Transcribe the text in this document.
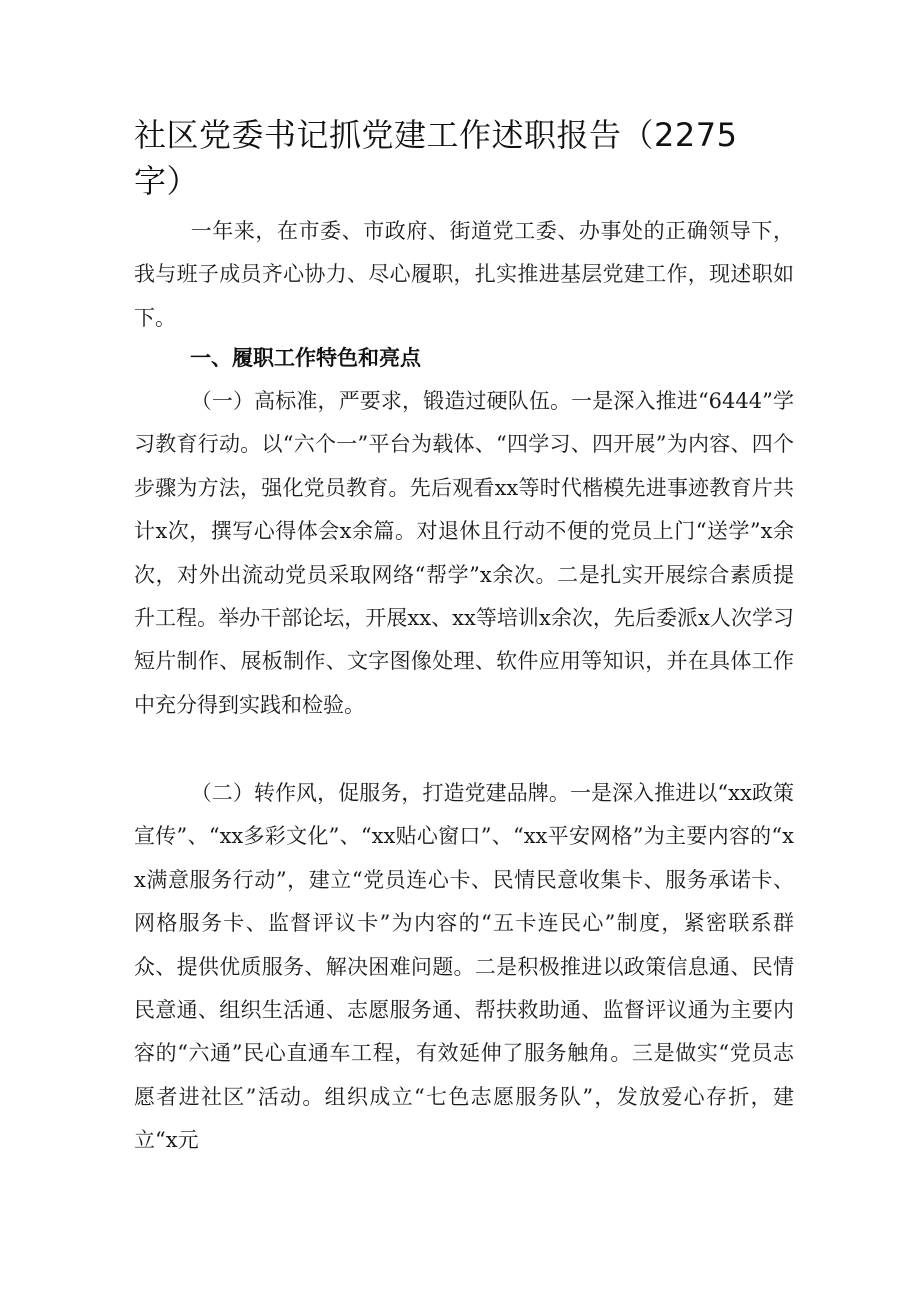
社区党委书记抓党建工作述职报告（2275字）

一年来，在市委、市政府、街道党工委、办事处的正确领导下，我与班子成员齐心协力、尽心履职，扎实推进基层党建工作，现述职如下。

一、履职工作特色和亮点

（一）高标准，严要求，锻造过硬队伍。一是深入推进“6444”学习教育行动。以“六个一”平台为载体、“四学习、四开展”为内容、四个步骤为方法，强化党员教育。先后观看xx等时代楷模先进事迹教育片共计x次，撰写心得体会x余篇。对退休且行动不便的党员上门“送学”x余次，对外出流动党员采取网络“帮学”x余次。二是扎实开展综合素质提升工程。举办干部论坛，开展xx、xx等培训x余次，先后委派x人次学习短片制作、展板制作、文字图像处理、软件应用等知识，并在具体工作中充分得到实践和检验。

（二）转作风，促服务，打造党建品牌。一是深入推进以“xx政策宣传”、“xx多彩文化”、“xx贴心窗口”、“xx平安网格”为主要内容的“xx满意服务行动”，建立“党员连心卡、民情民意收集卡、服务承诺卡、网格服务卡、监督评议卡”为内容的“五卡连民心”制度，紧密联系群众、提供优质服务、解决困难问题。二是积极推进以政策信息通、民情民意通、组织生活通、志愿服务通、帮扶救助通、监督评议通为主要内容的“六通”民心直通车工程，有效延伸了服务触角。三是做实“党员志愿者进社区”活动。组织成立“七色志愿服务队”，发放爱心存折，建立“x元
